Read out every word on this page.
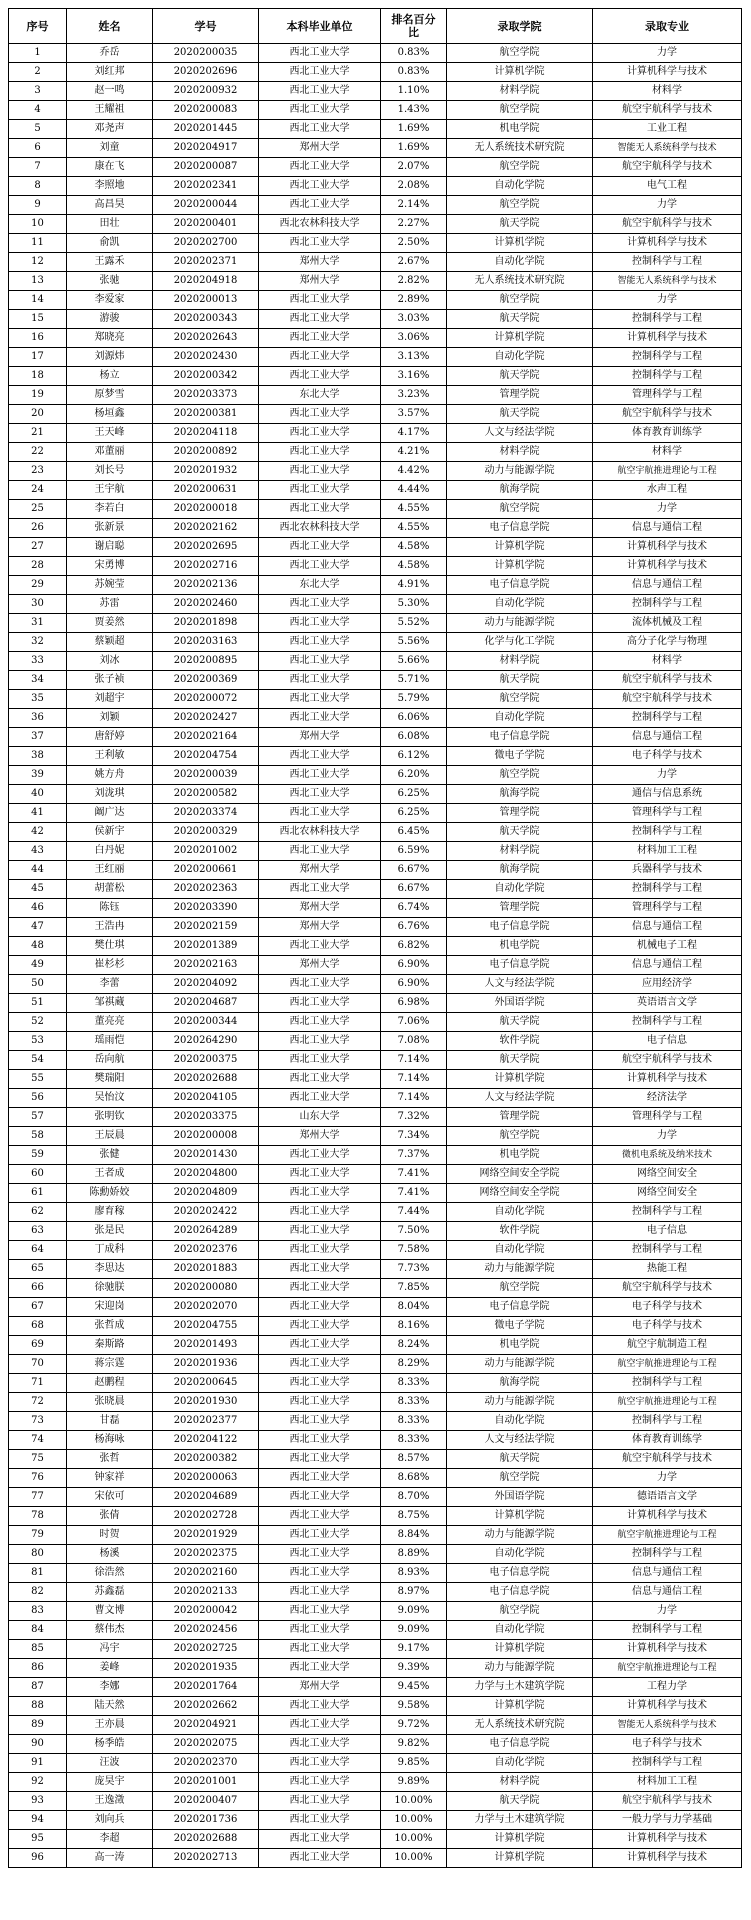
序号	姓名	学号	本科毕业单位	排名百分比	录取学院	录取专业
1	乔岳	2020200035	西北工业大学	0.83%	航空学院	力学
2	刘红邦	2020202696	西北工业大学	0.83%	计算机学院	计算机科学与技术
3	赵一鸣	2020200932	西北工业大学	1.10%	材料学院	材料学
4	王耀祖	2020200083	西北工业大学	1.43%	航空学院	航空宇航科学与技术
5	邓尧声	2020201445	西北工业大学	1.69%	机电学院	工业工程
6	刘童	2020204917	郑州大学	1.69%	无人系统技术研究院	智能无人系统科学与技术
7	康在飞	2020200087	西北工业大学	2.07%	航空学院	航空宇航科学与技术
8	李照地	2020202341	西北工业大学	2.08%	自动化学院	电气工程
9	高昌昊	2020200044	西北工业大学	2.14%	航空学院	力学
10	田壮	2020200401	西北农林科技大学	2.27%	航天学院	航空宇航科学与技术
11	俞凯	2020202700	西北工业大学	2.50%	计算机学院	计算机科学与技术
12	王露禾	2020202371	郑州大学	2.67%	自动化学院	控制科学与工程
13	张驰	2020204918	郑州大学	2.82%	无人系统技术研究院	智能无人系统科学与技术
14	李爱家	2020200013	西北工业大学	2.89%	航空学院	力学
15	游骏	2020200343	西北工业大学	3.03%	航天学院	控制科学与工程
16	郑晓亮	2020202643	西北工业大学	3.06%	计算机学院	计算机科学与技术
17	刘源炜	2020202430	西北工业大学	3.13%	自动化学院	控制科学与工程
18	杨立	2020200342	西北工业大学	3.16%	航天学院	控制科学与工程
19	原梦雪	2020203373	东北大学	3.23%	管理学院	管理科学与工程
20	杨垣鑫	2020200381	西北工业大学	3.57%	航天学院	航空宇航科学与技术
21	王天峰	2020204118	西北工业大学	4.17%	人文与经法学院	体育教育训练学
22	邓董丽	2020200892	西北工业大学	4.21%	材料学院	材料学
23	刘长号	2020201932	西北工业大学	4.42%	动力与能源学院	航空宇航推进理论与工程
24	王宇航	2020200631	西北工业大学	4.44%	航海学院	水声工程
25	李若白	2020200018	西北工业大学	4.55%	航空学院	力学
26	张新景	2020202162	西北农林科技大学	4.55%	电子信息学院	信息与通信工程
27	谢启聪	2020202695	西北工业大学	4.58%	计算机学院	计算机科学与技术
28	宋勇博	2020202716	西北工业大学	4.58%	计算机学院	计算机科学与技术
29	苏婉莹	2020202136	东北大学	4.91%	电子信息学院	信息与通信工程
30	苏雷	2020202460	西北工业大学	5.30%	自动化学院	控制科学与工程
31	贾姜然	2020201898	西北工业大学	5.52%	动力与能源学院	流体机械及工程
32	蔡颖超	2020203163	西北工业大学	5.56%	化学与化工学院	高分子化学与物理
33	刘冰	2020200895	西北工业大学	5.66%	材料学院	材料学
34	张子祯	2020200369	西北工业大学	5.71%	航天学院	航空宇航科学与技术
35	刘超宇	2020200072	西北工业大学	5.79%	航空学院	航空宇航科学与技术
36	刘颖	2020202427	西北工业大学	6.06%	自动化学院	控制科学与工程
37	唐舒婷	2020202164	郑州大学	6.08%	电子信息学院	信息与通信工程
38	王利敏	2020204754	西北工业大学	6.12%	微电子学院	电子科学与技术
39	姚方舟	2020200039	西北工业大学	6.20%	航空学院	力学
40	刘泷琪	2020200582	西北工业大学	6.25%	航海学院	通信与信息系统
41	阚广达	2020203374	西北工业大学	6.25%	管理学院	管理科学与工程
42	侯新宇	2020200329	西北农林科技大学	6.45%	航天学院	控制科学与工程
43	白丹妮	2020201002	西北工业大学	6.59%	材料学院	材料加工工程
44	王红丽	2020200661	郑州大学	6.67%	航海学院	兵器科学与技术
45	胡蕾松	2020202363	西北工业大学	6.67%	自动化学院	控制科学与工程
46	陈钰	2020203390	郑州大学	6.74%	管理学院	管理科学与工程
47	王浩冉	2020202159	郑州大学	6.76%	电子信息学院	信息与通信工程
48	樊仕琪	2020201389	西北工业大学	6.82%	机电学院	机械电子工程
49	崔杉杉	2020202163	郑州大学	6.90%	电子信息学院	信息与通信工程
50	李蕾	2020204092	西北工业大学	6.90%	人文与经法学院	应用经济学
51	邹祺蔵	2020204687	西北工业大学	6.98%	外国语学院	英语语言文学
52	董亮亮	2020200344	西北工业大学	7.06%	航天学院	控制科学与工程
53	瑶雨恺	2020264290	西北工业大学	7.08%	软件学院	电子信息
54	岳向航	2020200375	西北工业大学	7.14%	航天学院	航空宇航科学与技术
55	樊瑞阳	2020202688	西北工业大学	7.14%	计算机学院	计算机科学与技术
56	吴怡汶	2020204105	西北工业大学	7.14%	人文与经法学院	经济法学
57	张明钦	2020203375	山东大学	7.32%	管理学院	管理科学与工程
58	王辰晨	2020200008	郑州大学	7.34%	航空学院	力学
59	张健	2020201430	西北工业大学	7.37%	机电学院	微机电系统及纳米技术
60	王者成	2020204800	西北工业大学	7.41%	网络空间安全学院	网络空间安全
61	陈勳娇姣	2020204809	西北工业大学	7.41%	网络空间安全学院	网络空间安全
62	廖育稼	2020202422	西北工业大学	7.44%	自动化学院	控制科学与工程
63	张是民	2020264289	西北工业大学	7.50%	软件学院	电子信息
64	丁成科	2020202376	西北工业大学	7.58%	自动化学院	控制科学与工程
65	李思达	2020201883	西北工业大学	7.73%	动力与能源学院	热能工程
66	徐驰朕	2020200080	西北工业大学	7.85%	航空学院	航空宇航科学与技术
67	宋迎岗	2020202070	西北工业大学	8.04%	电子信息学院	电子科学与技术
68	张哲成	2020204755	西北工业大学	8.16%	微电子学院	电子科学与技术
69	秦斯路	2020201493	西北工业大学	8.24%	机电学院	航空宇航制造工程
70	蒋宗霆	2020201936	西北工业大学	8.29%	动力与能源学院	航空宇航推进理论与工程
71	赵鹏程	2020200645	西北工业大学	8.33%	航海学院	控制科学与工程
72	张晓晨	2020201930	西北工业大学	8.33%	动力与能源学院	航空宇航推进理论与工程
73	甘磊	2020202377	西北工业大学	8.33%	自动化学院	控制科学与工程
74	杨海咏	2020204122	西北工业大学	8.33%	人文与经法学院	体育教育训练学
75	张哲	2020200382	西北工业大学	8.57%	航天学院	航空宇航科学与技术
76	钟家祥	2020200063	西北工业大学	8.68%	航空学院	力学
77	宋依可	2020204689	西北工业大学	8.70%	外国语学院	德语语言文学
78	张倩	2020202728	西北工业大学	8.75%	计算机学院	计算机科学与技术
79	时贺	2020201929	西北工业大学	8.84%	动力与能源学院	航空宇航推进理论与工程
80	杨溪	2020202375	西北工业大学	8.89%	自动化学院	控制科学与工程
81	徐浩然	2020202160	西北工业大学	8.93%	电子信息学院	信息与通信工程
82	苏鑫磊	2020202133	西北工业大学	8.97%	电子信息学院	信息与通信工程
83	曹文博	2020200042	西北工业大学	9.09%	航空学院	力学
84	蔡伟杰	2020202456	西北工业大学	9.09%	自动化学院	控制科学与工程
85	冯宇	2020202725	西北工业大学	9.17%	计算机学院	计算机科学与技术
86	姜峰	2020201935	西北工业大学	9.39%	动力与能源学院	航空宇航推进理论与工程
87	李娜	2020201764	郑州大学	9.45%	力学与土木建筑学院	工程力学
88	陆天然	2020202662	西北工业大学	9.58%	计算机学院	计算机科学与技术
89	王亦晨	2020204921	西北工业大学	9.72%	无人系统技术研究院	智能无人系统科学与技术
90	杨季皓	2020202075	西北工业大学	9.82%	电子信息学院	电子科学与技术
91	汪波	2020202370	西北工业大学	9.85%	自动化学院	控制科学与工程
92	庞昊宇	2020201001	西北工业大学	9.89%	材料学院	材料加工工程
93	王逸澂	2020200407	西北工业大学	10.00%	航天学院	航空宇航科学与技术
94	刘向兵	2020201736	西北工业大学	10.00%	力学与土木建筑学院	一般力学与力学基础
95	李超	2020202688	西北工业大学	10.00%	计算机学院	计算机科学与技术
96	高一涛	2020202713	西北工业大学	10.00%	计算机学院	计算机科学与技术
